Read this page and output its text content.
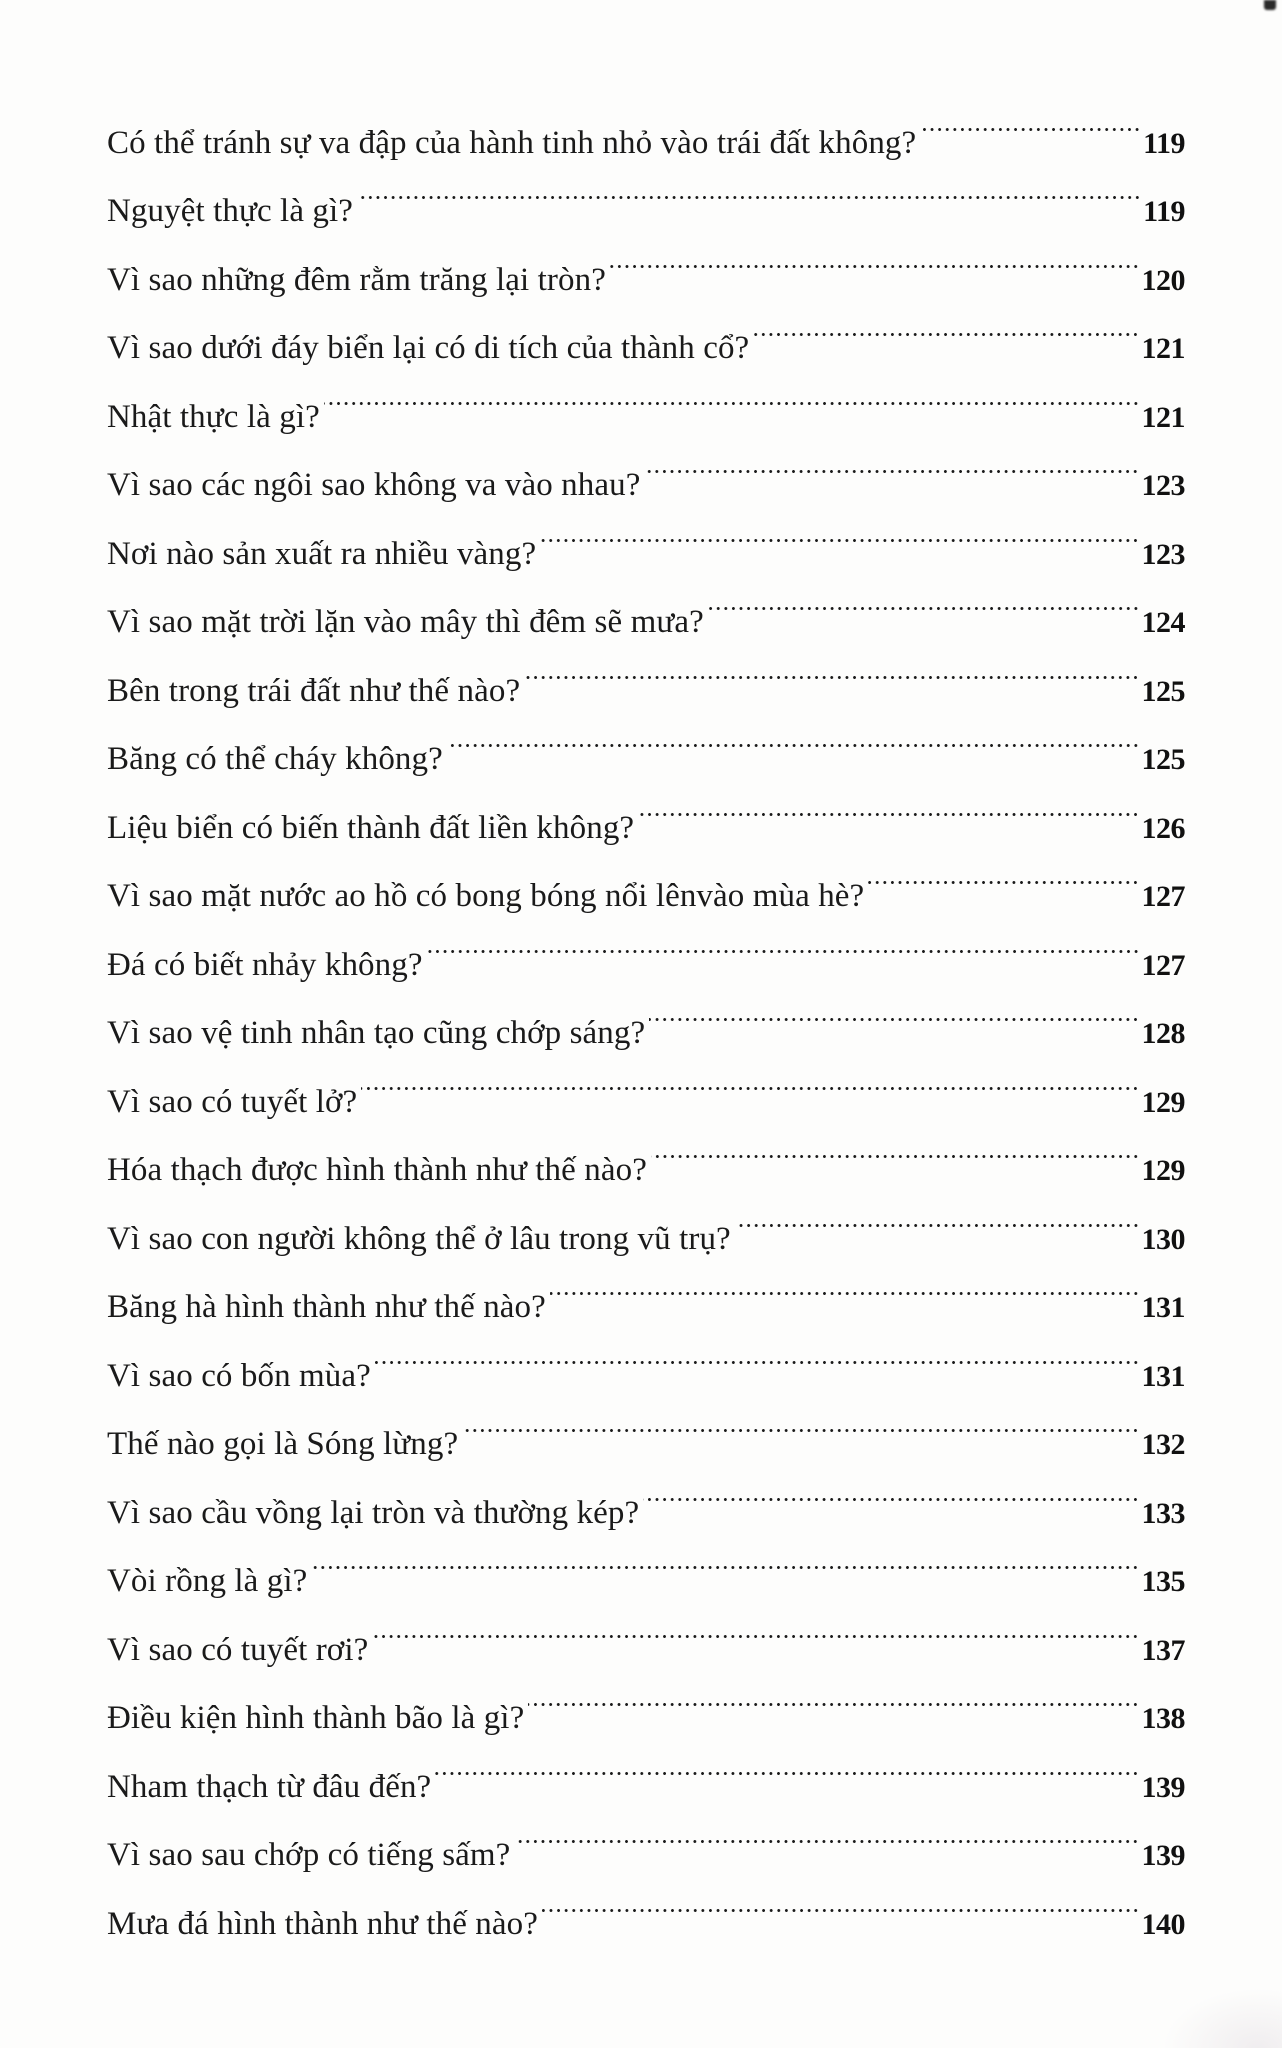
Có thể tránh sự va đập của hành tinh nhỏ vào trái đất không?	119
Nguyệt thực là gì?	119
Vì sao những đêm rằm trăng lại tròn?	120
Vì sao dưới đáy biển lại có di tích của thành cổ?	121
Nhật thực là gì?	121
Vì sao các ngôi sao không va vào nhau?	123
Nơi nào sản xuất ra nhiều vàng?	123
Vì sao mặt trời lặn vào mây thì đêm sẽ mưa?	124
Bên trong trái đất như thế nào?	125
Băng có thể cháy không?	125
Liệu biển có biến thành đất liền không?	126
Vì sao mặt nước ao hồ có bong bóng nổi lênvào mùa hè?	127
Đá có biết nhảy không?	127
Vì sao vệ tinh nhân tạo cũng chớp sáng?	128
Vì sao có tuyết lở?	129
Hóa thạch được hình thành như thế nào?	129
Vì sao con người không thể ở lâu trong vũ trụ?	130
Băng hà hình thành như thế nào?	131
Vì sao có bốn mùa?	131
Thế nào gọi là Sóng lừng?	132
Vì sao cầu vồng lại tròn và thường kép?	133
Vòi rồng là gì?	135
Vì sao có tuyết rơi?	137
Điều kiện hình thành bão là gì?	138
Nham thạch từ đâu đến?	139
Vì sao sau chớp có tiếng sấm?	139
Mưa đá hình thành như thế nào?	140
